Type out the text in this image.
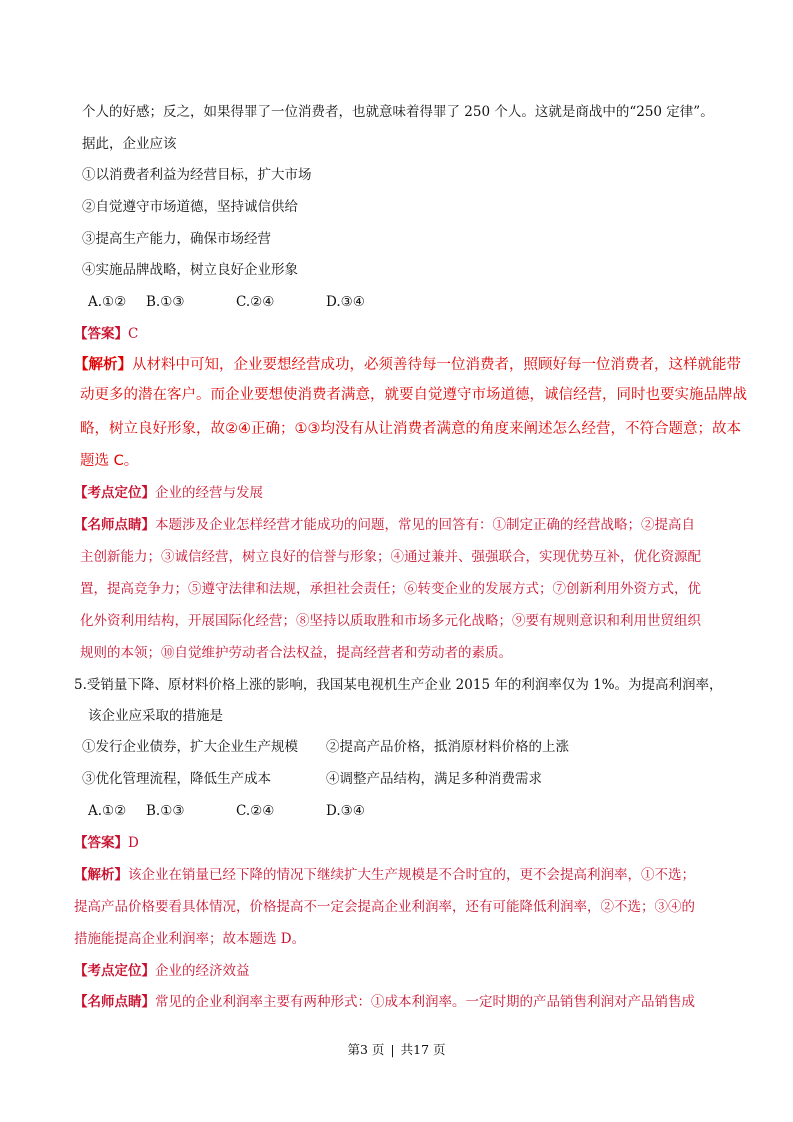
个人的好感；反之，如果得罪了一位消费者，也就意味着得罪了 250 个人。这就是商战中的“250 定律”。
据此，企业应该
①以消费者利益为经营目标，扩大市场
②自觉遵守市场道德，坚持诚信供给
③提高生产能力，确保市场经营
④实施品牌战略，树立良好企业形象
A.①② B.①③	C.②④	D.③④
【答案】C
【解析】从材料中可知，企业要想经营成功，必须善待每一位消费者，照顾好每一位消费者，这样就能带
动更多的潜在客户。而企业要想使消费者满意，就要自觉遵守市场道德，诚信经营，同时也要实施品牌战
略，树立良好形象，故②④正确；①③均没有从让消费者满意的角度来阐述怎么经营，不符合题意；故本
题选 C。
【考点定位】企业的经营与发展
【名师点睛】本题涉及企业怎样经营才能成功的问题，常见的回答有：①制定正确的经营战略；②提高自
主创新能力；③诚信经营，树立良好的信誉与形象；④通过兼并、强强联合，实现优势互补，优化资源配
置，提高竞争力；⑤遵守法律和法规，承担社会责任；⑥转变企业的发展方式；⑦创新利用外资方式，优
化外资利用结构，开展国际化经营；⑧坚持以质取胜和市场多元化战略；⑨要有规则意识和利用世贸组织
规则的本领；⑩自觉维护劳动者合法权益，提高经营者和劳动者的素质。
5.受销量下降、原材料价格上涨的影响，我国某电视机生产企业 2015 年的利润率仅为 1%。为提高利润率，
该企业应采取的措施是
①发行企业债券，扩大企业生产规模 ②提高产品价格，抵消原材料价格的上涨
③优化管理流程，降低生产成本	④调整产品结构，满足多种消费需求
A.①② B.①③	C.②④	D.③④
【答案】D
【解析】该企业在销量已经下降的情况下继续扩大生产规模是不合时宜的，更不会提高利润率，①不选；
提高产品价格要看具体情况，价格提高不一定会提高企业利润率，还有可能降低利润率，②不选；③④的
措施能提高企业利润率；故本题选 D。
【考点定位】企业的经济效益
【名师点睛】常见的企业利润率主要有两种形式：①成本利润率。一定时期的产品销售利润对产品销售成
第3 页 | 共17 页
